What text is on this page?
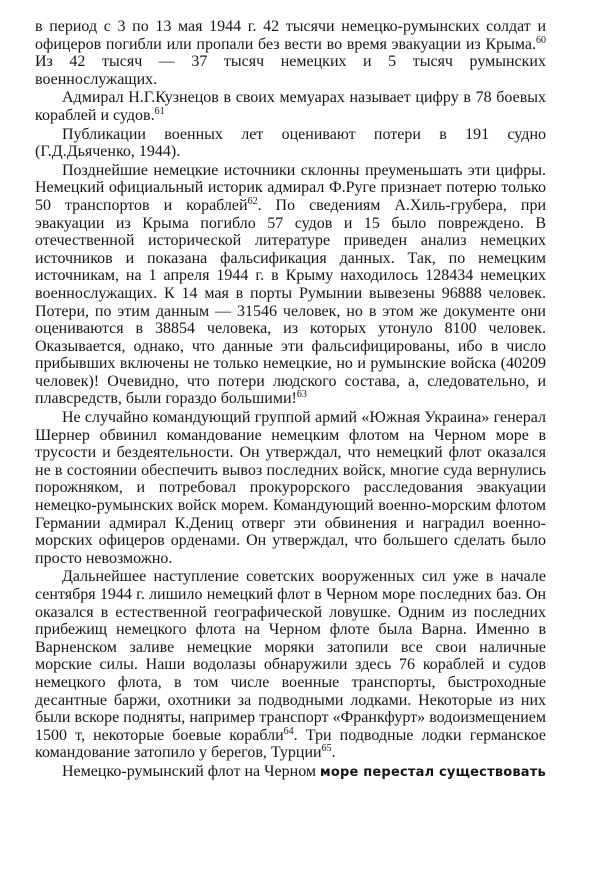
в период с 3 по 13 мая 1944 г. 42 тысячи немецко-румынских солдат и офицеров погибли или пропали без вести во время эвакуации из Крыма.$^{60}$ Из 42 тысяч — 37 тысяч немецких и 5 тысяч румынских военнослужащих.

Адмирал Н.Г.Кузнецов в своих мемуарах называет цифру в 78 боевых кораблей и судов.$^{61}$

Публикации военных лет оценивают потери в 191 судно (Г.Д.Дьяченко, 1944).

Позднейшие немецкие источники склонны преуменьшать эти цифры. Немецкий официальный историк адмирал Ф.Руге признает потерю только 50 транспортов и кораблей$^{62}$. По сведениям А.Хиль-грубера, при эвакуации из Крыма погибло 57 судов и 15 было повреждено. В отечественной исторической литературе приведен анализ немецких источников и показана фальсификация данных. Так, по немецким источникам, на 1 апреля 1944 г. в Крыму находилось 128434 немецких военнослужащих. К 14 мая в порты Румынии вывезены 96888 человек. Потери, по этим данным — 31546 человек, но в этом же документе они оцениваются в 38854 человека, из которых утонуло 8100 человек. Оказывается, однако, что данные эти фальсифицированы, ибо в число прибывших включены не только немецкие, но и румынские войска (40209 человек)! Очевидно, что потери людского состава, а, следовательно, и плавсредств, были гораздо большими!$^{63}$

Не случайно командующий группой армий «Южная Украина» генерал Шернер обвинил командование немецким флотом на Черном море в трусости и бездеятельности. Он утверждал, что немецкий флот оказался не в состоянии обеспечить вывоз последних войск, многие суда вернулись порожняком, и потребовал прокурорского расследования эвакуации немецко-румынских войск морем. Командующий военно-морским флотом Германии адмирал К.Дениц отверг эти обвинения и наградил военно-морских офицеров орденами. Он утверждал, что большего сделать было просто невозможно.

Дальнейшее наступление советских вооруженных сил уже в начале сентября 1944 г. лишило немецкий флот в Черном море последних баз. Он оказался в естественной географической ловушке. Одним из последних прибежищ немецкого флота на Черном флоте была Варна. Именно в Варненском заливе немецкие моряки затопили все свои наличные морские силы. Наши водолазы обнаружили здесь 76 кораблей и судов немецкого флота, в том числе военные транспорты, быстроходные десантные баржи, охотники за подводными лодками. Некоторые из них были вскоре подняты, например транспорт «Франкфурт» водоизмещением 1500 т, некоторые боевые корабли$^{64}$. Три подводные лодки германское командование затопило у берегов, Турции$^{65}$.

Немецко-румынский флот на Черном море перестал существовать
